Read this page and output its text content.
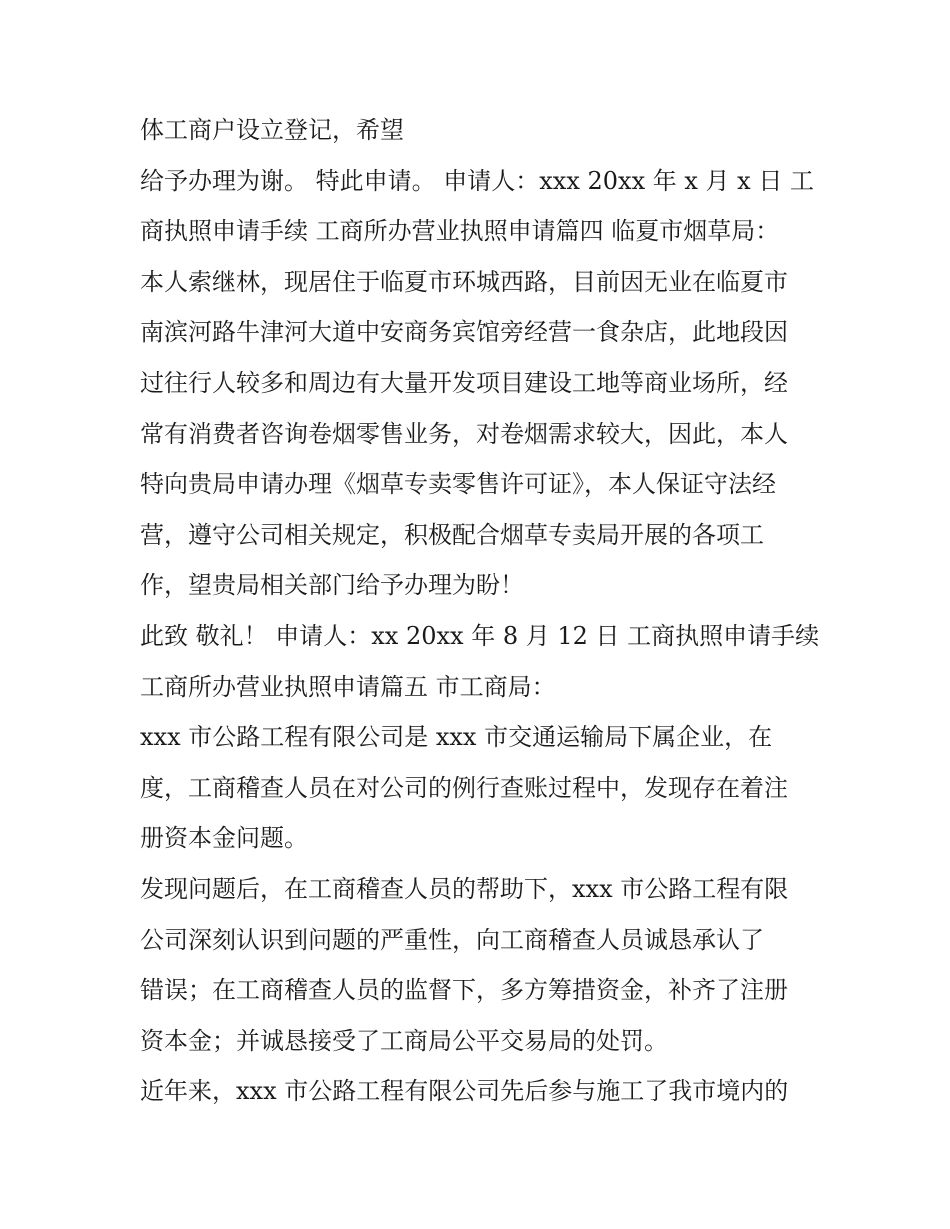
体工商户设立登记，希望
给予办理为谢。 特此申请。 申请人：xxx 20xx 年 x 月 x 日 工
商执照申请手续 工商所办营业执照申请篇四 临夏市烟草局：
本人索继林，现居住于临夏市环城西路，目前因无业在临夏市
南滨河路牛津河大道中安商务宾馆旁经营一食杂店，此地段因
过往行人较多和周边有大量开发项目建设工地等商业场所，经
常有消费者咨询卷烟零售业务，对卷烟需求较大，因此，本人
特向贵局申请办理《烟草专卖零售许可证》，本人保证守法经
营，遵守公司相关规定，积极配合烟草专卖局开展的各项工
作，望贵局相关部门给予办理为盼！
此致 敬礼！ 申请人：xx 20xx 年 8 月 12 日 工商执照申请手续
工商所办营业执照申请篇五 市工商局：
xxx 市公路工程有限公司是 xxx 市交通运输局下属企业，在
度，工商稽查人员在对公司的例行查账过程中，发现存在着注
册资本金问题。
发现问题后，在工商稽查人员的帮助下，xxx 市公路工程有限
公司深刻认识到问题的严重性，向工商稽查人员诚恳承认了
错误；在工商稽查人员的监督下，多方筹措资金，补齐了注册
资本金；并诚恳接受了工商局公平交易局的处罚。
近年来，xxx 市公路工程有限公司先后参与施工了我市境内的
